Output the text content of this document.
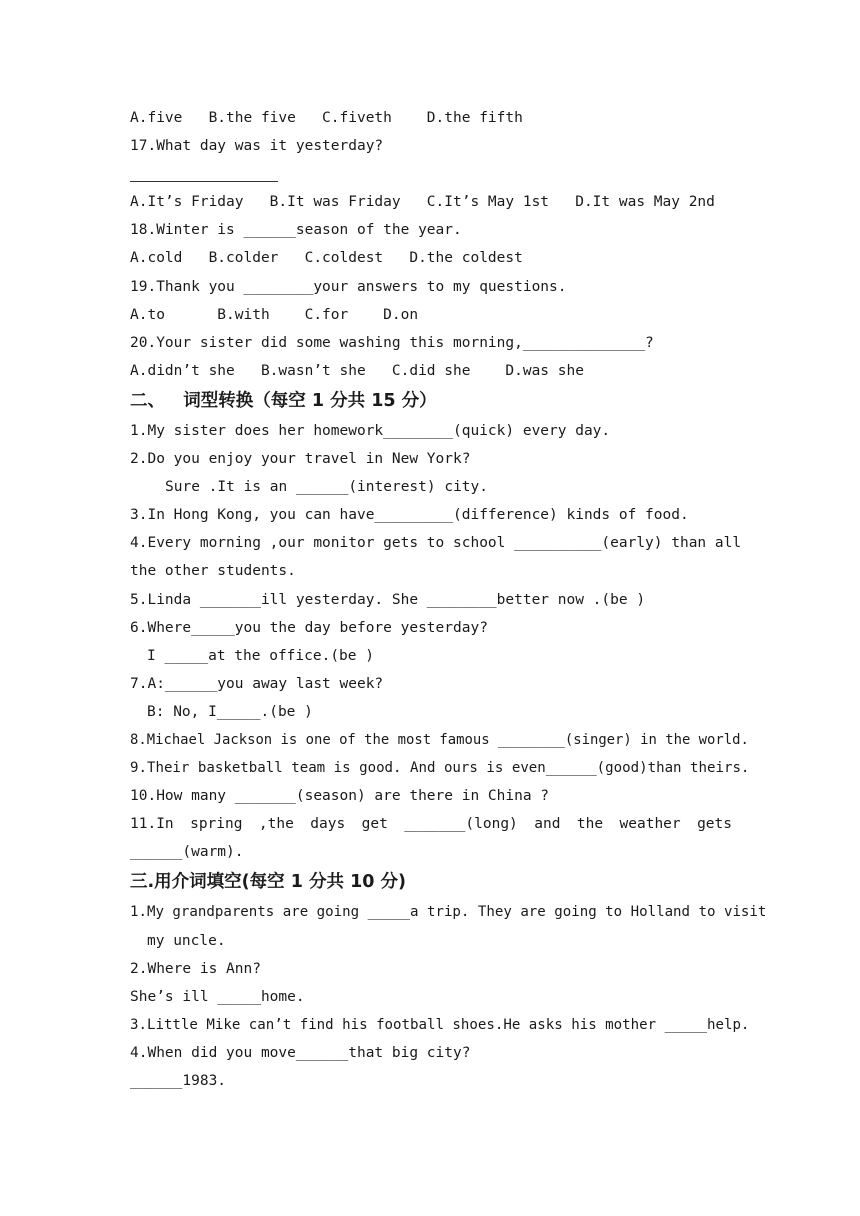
A.five   B.the five   C.fiveth    D.the fifth
17.What day was it yesterday?
A.It’s Friday   B.It was Friday   C.It’s May 1st   D.It was May 2nd
18.Winter is ______season of the year.
A.cold   B.colder   C.coldest   D.the coldest
19.Thank you ________your answers to my questions.
A.to      B.with    C.for    D.on
20.Your sister did some washing this morning,______________?
A.didn’t she   B.wasn’t she   C.did she    D.was she
二、   词型转换（每空 1 分共 15 分）
1.My sister does her homework________(quick) every day.
2.Do you enjoy your travel in New York?
Sure .It is an ______(interest) city.
3.In Hong Kong, you can have_________(difference) kinds of food.
4.Every morning ,our monitor gets to school __________(early) than all
the other students.
5.Linda _______ill yesterday. She ________better now .(be )
6.Where_____you the day before yesterday?
I _____at the office.(be )
7.A:______you away last week?
B: No, I_____.(be )
8.Michael Jackson is one of the most famous ________(singer) in the world.
9.Their basketball team is good. And ours is even______(good)than theirs.
10.How many _______(season) are there in China ?
11.In spring ,the days get _______(long) and the weather gets
______(warm).
三.用介词填空(每空 1 分共 10 分)
1.My grandparents are going _____a trip. They are going to Holland to visit
my uncle.
2.Where is Ann?
She’s ill _____home.
3.Little Mike can’t find his football shoes.He asks his mother _____help.
4.When did you move______that big city?
______1983.
